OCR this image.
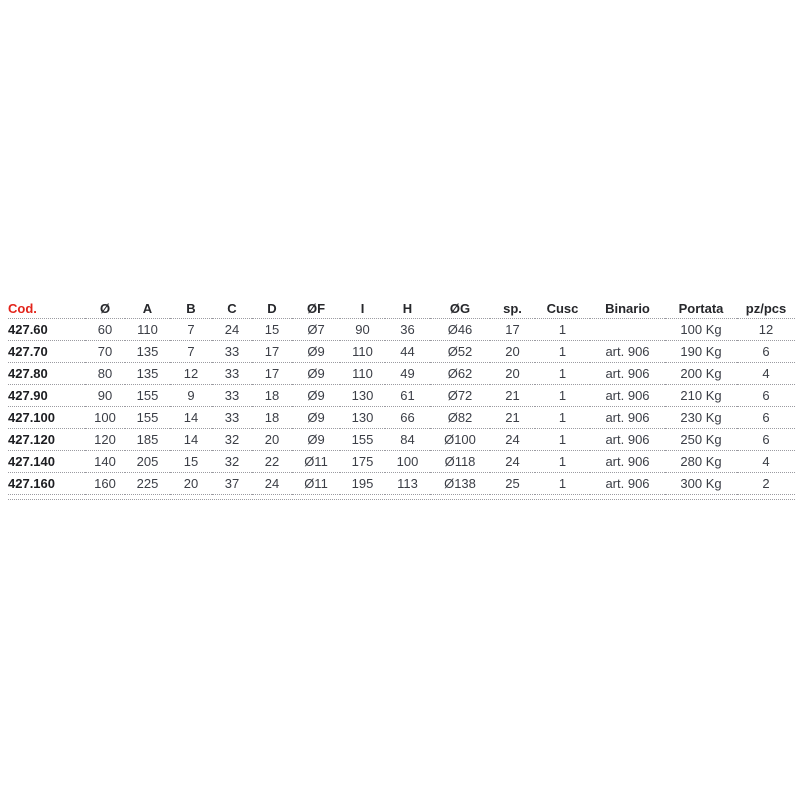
Cod.	Ø	A	B	C	D	ØF	I	H	ØG	sp.	Cusc	Binario	Portata	pz/pcs
427.60	60	110	7	24	15	Ø7	90	36	Ø46	17	1		100 Kg	12
427.70	70	135	7	33	17	Ø9	110	44	Ø52	20	1	art. 906	190 Kg	6
427.80	80	135	12	33	17	Ø9	110	49	Ø62	20	1	art. 906	200 Kg	4
427.90	90	155	9	33	18	Ø9	130	61	Ø72	21	1	art. 906	210 Kg	6
427.100	100	155	14	33	18	Ø9	130	66	Ø82	21	1	art. 906	230 Kg	6
427.120	120	185	14	32	20	Ø9	155	84	Ø100	24	1	art. 906	250 Kg	6
427.140	140	205	15	32	22	Ø11	175	100	Ø118	24	1	art. 906	280 Kg	4
427.160	160	225	20	37	24	Ø11	195	113	Ø138	25	1	art. 906	300 Kg	2
